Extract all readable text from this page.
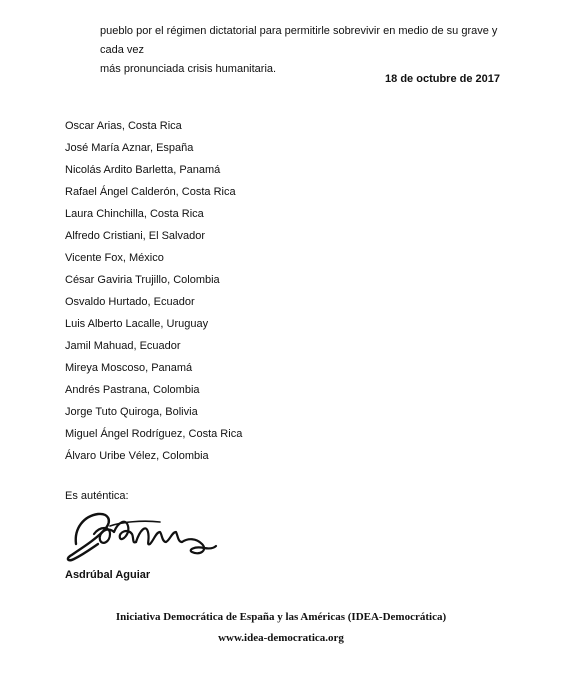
pueblo por el régimen dictatorial para permitirle sobrevivir en medio de su grave y cada vez

más pronunciada crisis humanitaria.

18 de octubre de 2017
Oscar Arias, Costa Rica
José María Aznar, España
Nicolás Ardito Barletta, Panamá
Rafael Ángel Calderón, Costa Rica
Laura Chinchilla, Costa Rica
Alfredo Cristiani, El Salvador
Vicente Fox, México
César Gaviria Trujillo, Colombia
Osvaldo Hurtado, Ecuador
Luis Alberto Lacalle, Uruguay
Jamil Mahuad, Ecuador
Mireya Moscoso, Panamá
Andrés Pastrana, Colombia
Jorge Tuto Quiroga, Bolivia
Miguel Ángel Rodríguez, Costa Rica
Álvaro Uribe Vélez, Colombia
Es auténtica:
Asdrúbal Aguiar
Iniciativa Democrática de España y las Américas (IDEA-Democrática)
www.idea-democratica.org
